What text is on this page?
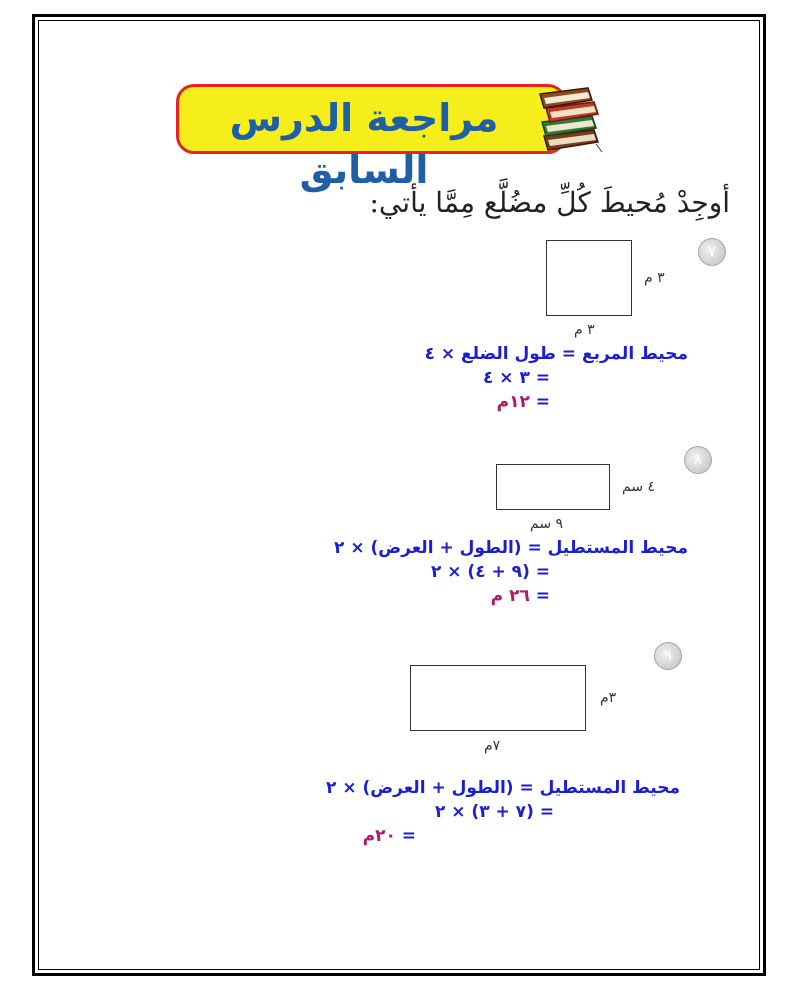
مراجعة الدرس السابق
أوجِدْ مُحيطَ كُلِّ مضُلَّع مِمَّا يأتي:
٧
٣ م
٣ م
محيط المربع = طول الضلع × ٤
= ٣ × ٤
= ١٢م
٨
٤ سم
٩ سم
محيط المستطيل = (الطول + العرض) × ٢
= (٩ + ٤) × ٢
= ٢٦ م
٩
٣م
٧م
محيط المستطيل = (الطول + العرض) × ٢
= (٧ + ٣) × ٢
= ٢٠م
